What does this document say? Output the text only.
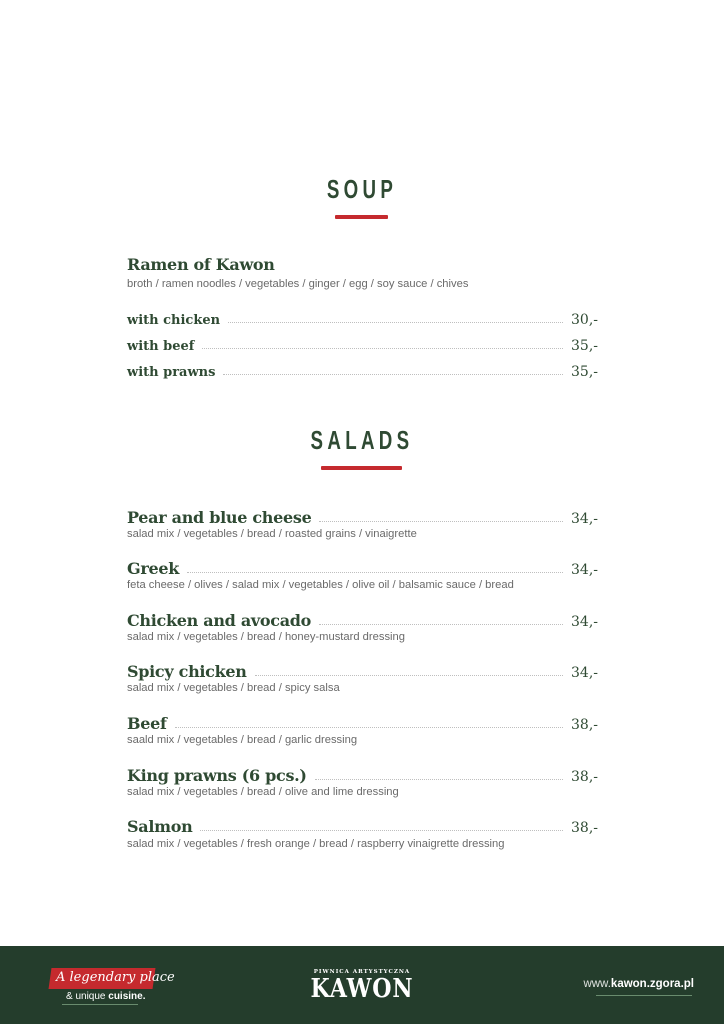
SOUP
Ramen of Kawon
broth / ramen noodles / vegetables / ginger / egg / soy sauce / chives
with chicken	30,-
with beef	35,-
with prawns	35,-
SALADS
Pear and blue cheese	34,-
salad mix / vegetables / bread / roasted grains / vinaigrette
Greek	34,-
feta cheese / olives / salad mix / vegetables / olive oil / balsamic sauce / bread
Chicken and avocado	34,-
salad mix / vegetables / bread / honey-mustard dressing
Spicy chicken	34,-
salad mix / vegetables / bread / spicy salsa
Beef	38,-
saald mix / vegetables / bread / garlic dressing
King prawns (6 pcs.)	38,-
salad mix / vegetables / bread / olive and lime dressing
Salmon	38,-
salad mix / vegetables / fresh orange / bread / raspberry vinaigrette dressing
A legendary place
& unique cuisine.
PIWNICA ARTYSTYCZNA
KAWON	www.kawon.zgora.pl
